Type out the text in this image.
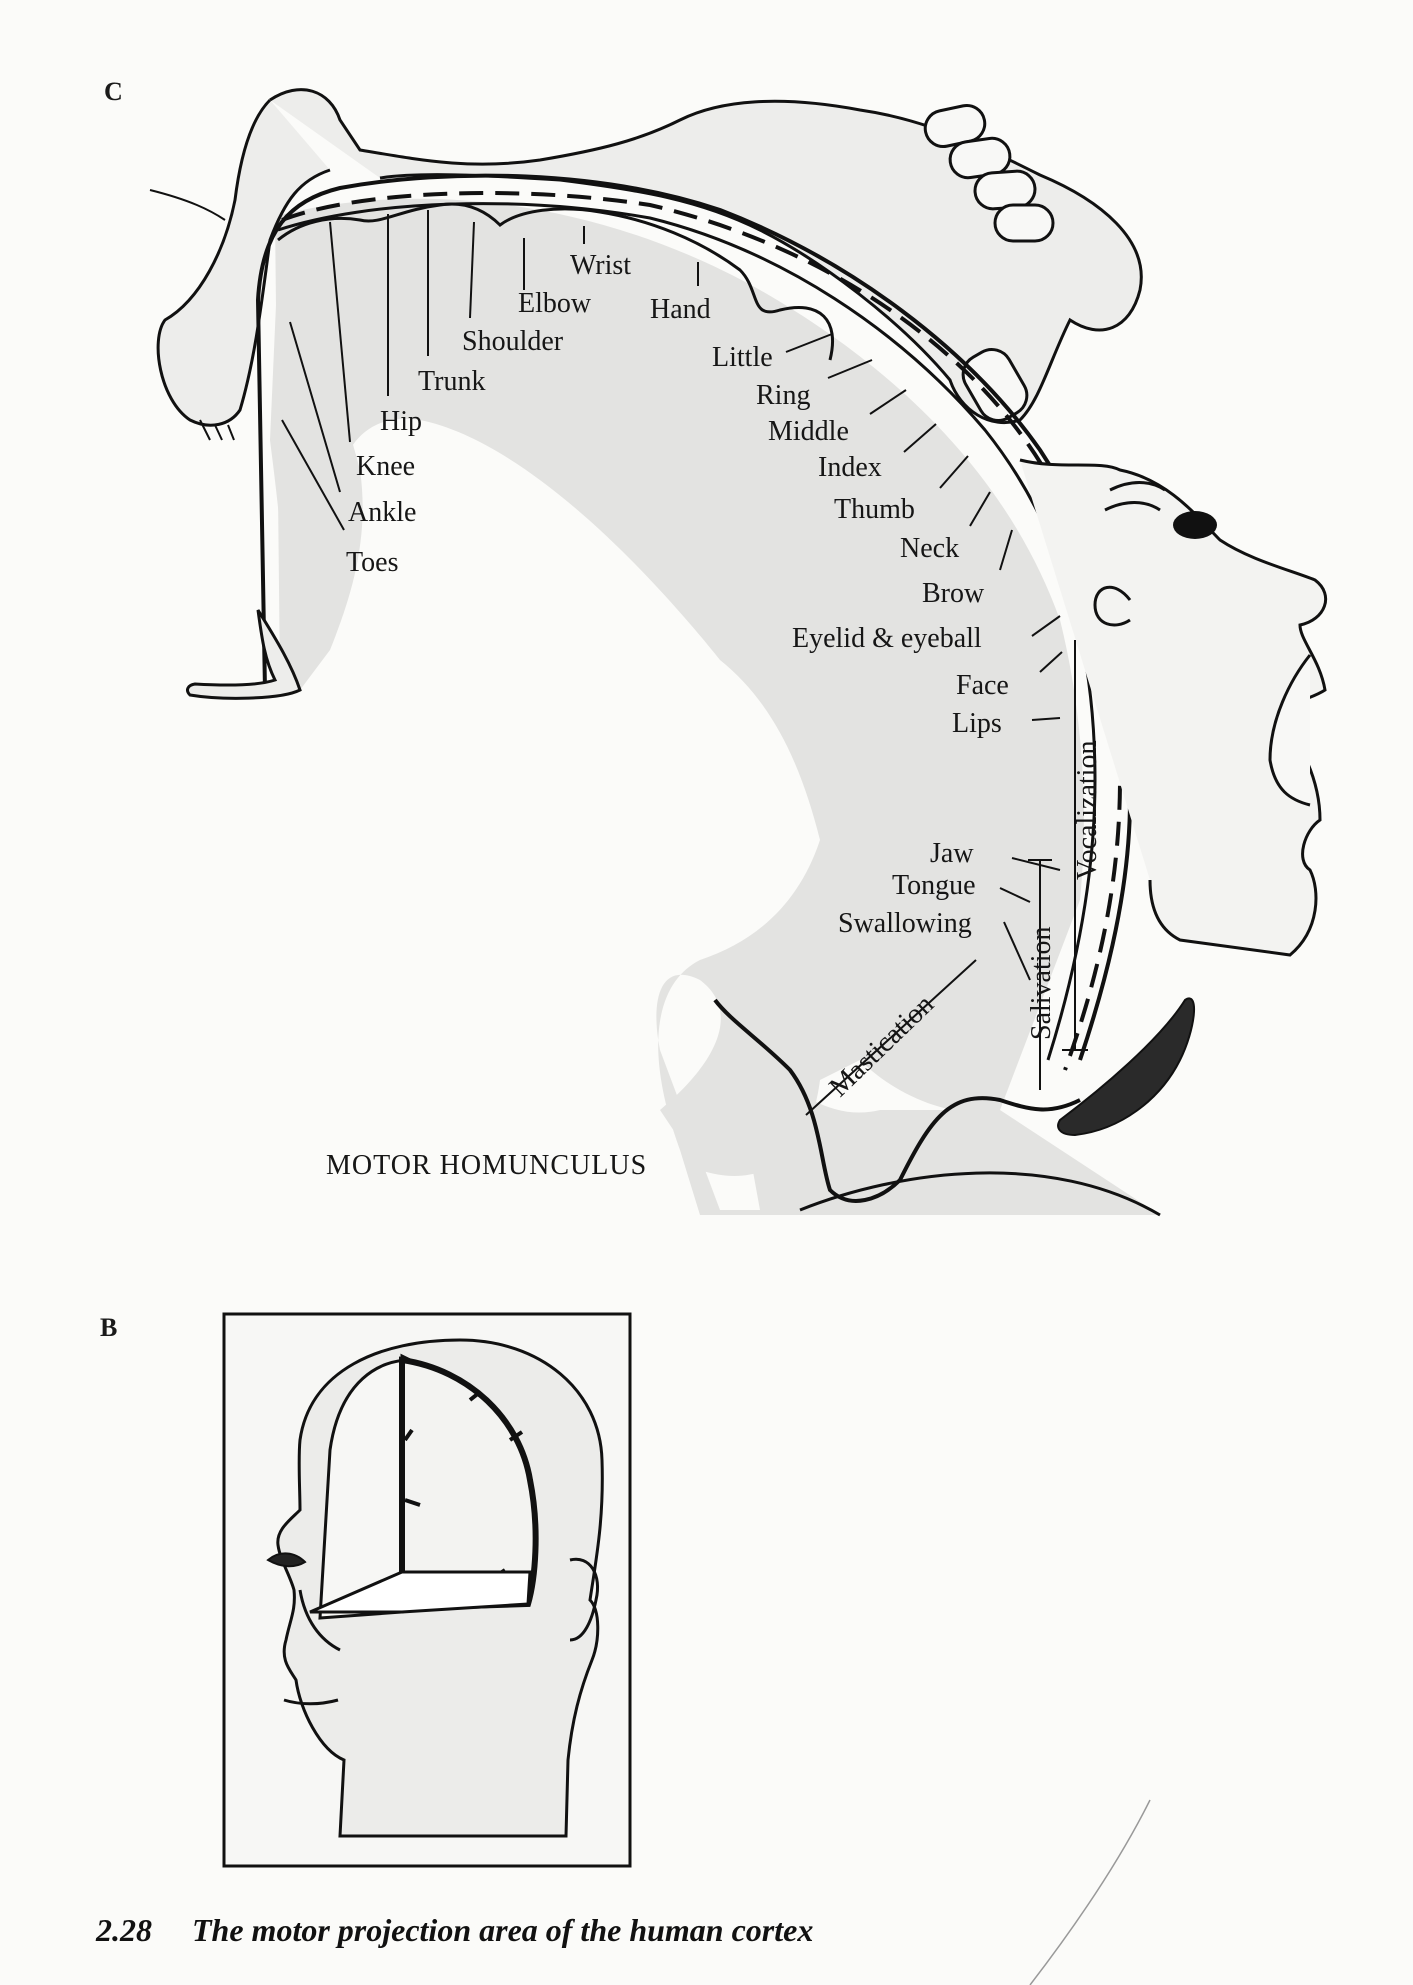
C
Wrist
Elbow Hand
Shoulder
Trunk
Hip
Knee
Ankle
Toes
Little
Ring
Middle
Index
Thumb
Neck
Brow
Eyelid & eyeball
Face
Lips
Jaw
Tongue
Swallowing
Vocalization
Salivation
Mastication
MOTOR HOMUNCULUS
B
2.28 The motor projection area of the human cortex
